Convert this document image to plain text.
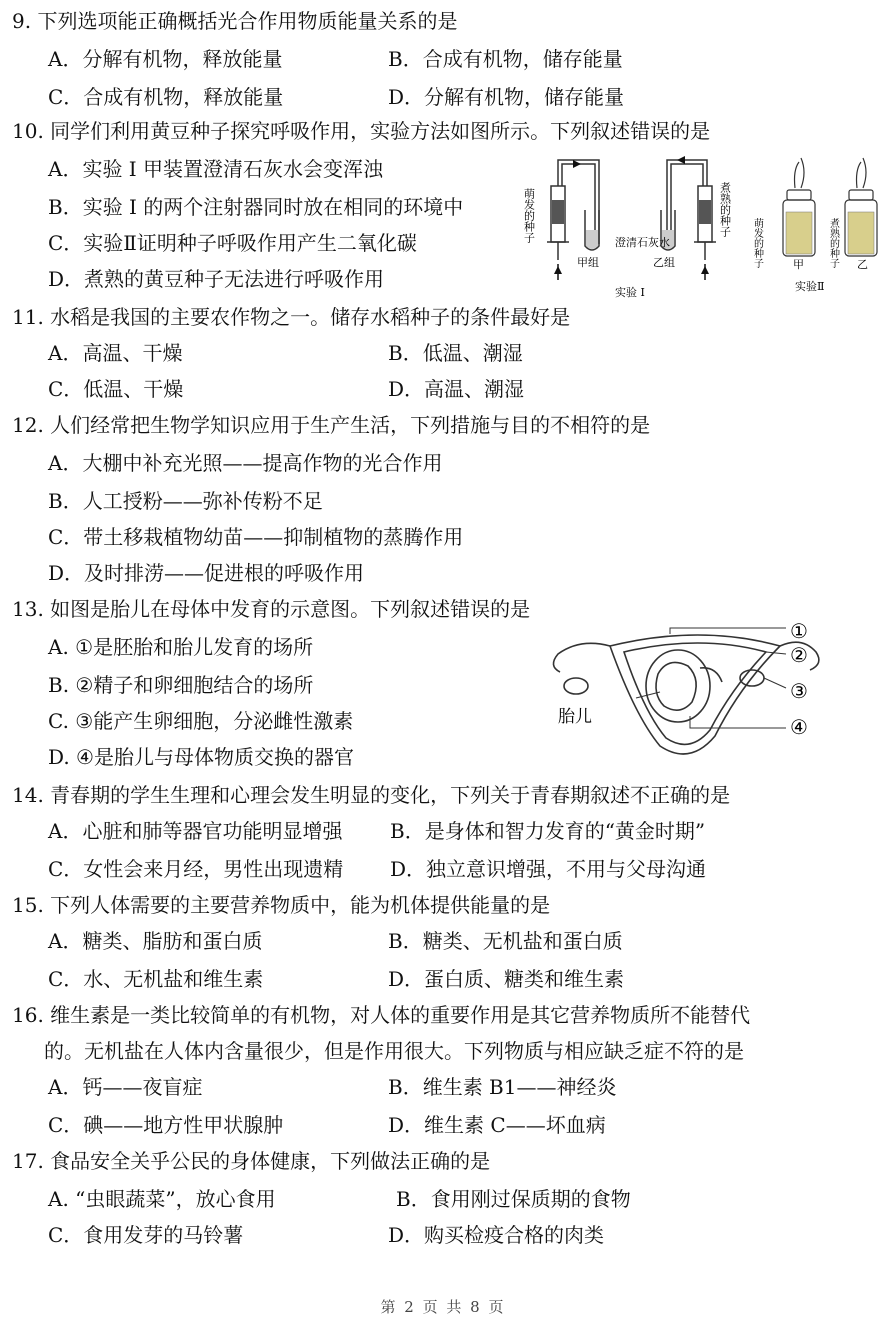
9. 下列选项能正确概括光合作用物质能量关系的是
A．分解有机物，释放能量	B．合成有机物，储存能量
C．合成有机物，释放能量	D．分解有机物，储存能量
10. 同学们利用黄豆种子探究呼吸作用，实验方法如图所示。下列叙述错误的是
A．实验 Ⅰ 甲装置澄清石灰水会变浑浊
B．实验 Ⅰ 的两个注射器同时放在相同的环境中
C．实验Ⅱ证明种子呼吸作用产生二氧化碳
D．煮熟的黄豆种子无法进行呼吸作用
萌发的种子	煮熟的种子
澄清石灰水
甲组	乙组
实验 Ⅰ
萌发的种子	煮熟的种子
甲	乙
实验Ⅱ
11. 水稻是我国的主要农作物之一。储存水稻种子的条件最好是
A．高温、干燥	B．低温、潮湿
C．低温、干燥	D．高温、潮湿
12. 人们经常把生物学知识应用于生产生活，下列措施与目的不相符的是
A．大棚中补充光照——提高作物的光合作用
B．人工授粉——弥补传粉不足
C．带土移栽植物幼苗——抑制植物的蒸腾作用
D．及时排涝——促进根的呼吸作用
13. 如图是胎儿在母体中发育的示意图。下列叙述错误的是
A. ①是胚胎和胎儿发育的场所
B. ②精子和卵细胞结合的场所
C. ③能产生卵细胞，分泌雌性激素
D. ④是胎儿与母体物质交换的器官
①
②
③
④
胎儿
14. 青春期的学生生理和心理会发生明显的变化，下列关于青春期叙述不正确的是
A．心脏和肺等器官功能明显增强 B．是身体和智力发育的“黄金时期”
C．女性会来月经，男性出现遗精 D．独立意识增强，不用与父母沟通
15. 下列人体需要的主要营养物质中，能为机体提供能量的是
A．糖类、脂肪和蛋白质	B．糖类、无机盐和蛋白质
C．水、无机盐和维生素	D．蛋白质、糖类和维生素
16. 维生素是一类比较简单的有机物，对人体的重要作用是其它营养物质所不能替代
的。无机盐在人体内含量很少，但是作用很大。下列物质与相应缺乏症不符的是
A．钙——夜盲症	B．维生素 B1——神经炎
C．碘——地方性甲状腺肿	D．维生素 C——坏血病
17. 食品安全关乎公民的身体健康，下列做法正确的是
A. “虫眼蔬菜”，放心食用	B．食用刚过保质期的食物
C．食用发芽的马铃薯	D．购买检疫合格的肉类
第 2 页 共 8 页
